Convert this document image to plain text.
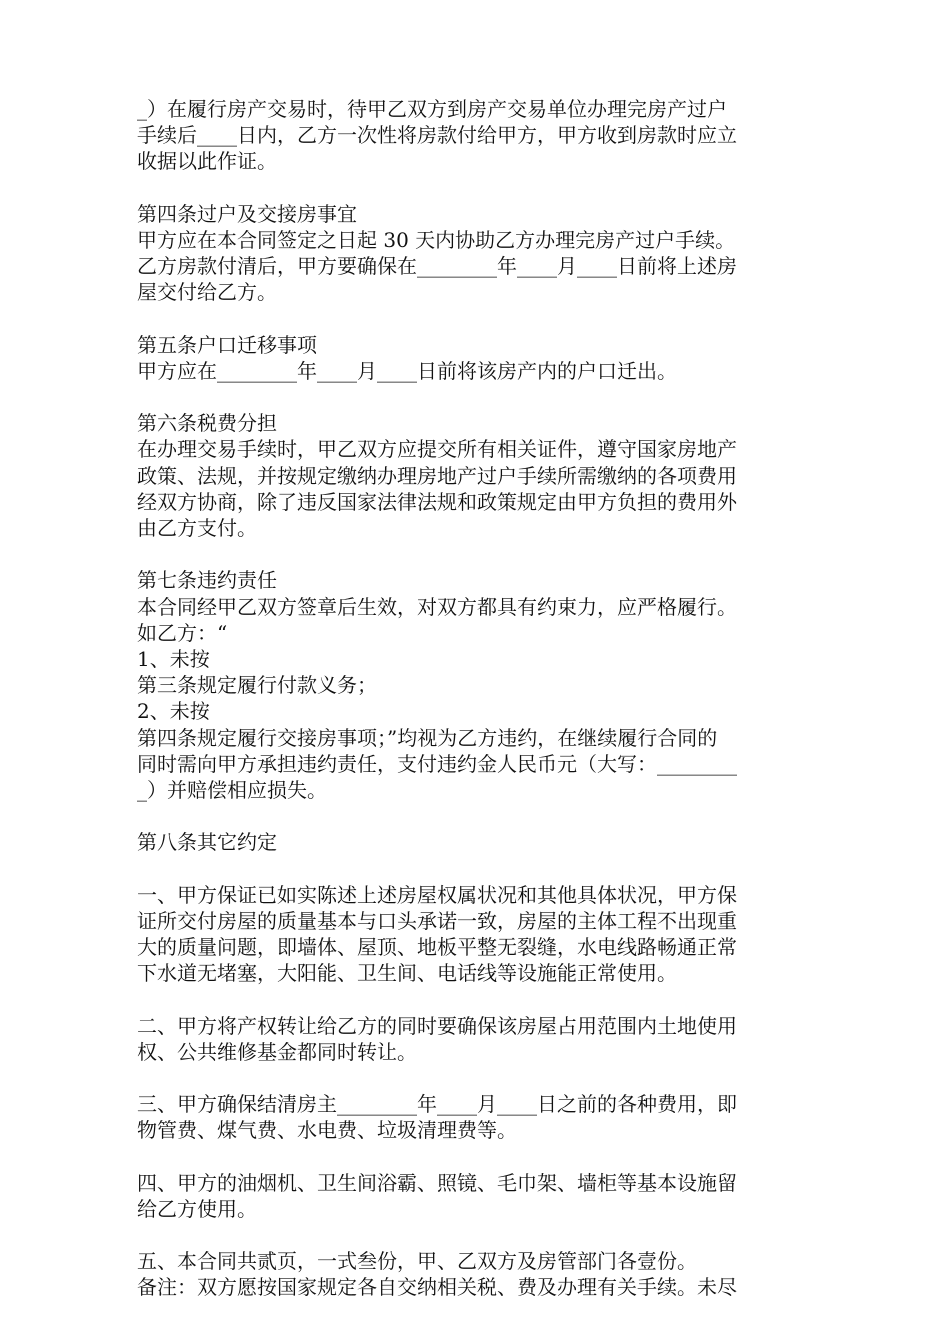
_）在履行房产交易时，待甲乙双方到房产交易单位办理完房产过户
手续后____日内，乙方一次性将房款付给甲方，甲方收到房款时应立
收据以此作证。
第四条过户及交接房事宜
甲方应在本合同签定之日起 30 天内协助乙方办理完房产过户手续。
乙方房款付清后，甲方要确保在________年____月____日前将上述房
屋交付给乙方。
第五条户口迁移事项
甲方应在________年____月____日前将该房产内的户口迁出。
第六条税费分担
在办理交易手续时，甲乙双方应提交所有相关证件，遵守国家房地产
政策、法规，并按规定缴纳办理房地产过户手续所需缴纳的各项费用
经双方协商，除了违反国家法律法规和政策规定由甲方负担的费用外
由乙方支付。
第七条违约责任
本合同经甲乙双方签章后生效，对双方都具有约束力，应严格履行。
如乙方：“
1、未按
第三条规定履行付款义务；
2、未按
第四条规定履行交接房事项；”均视为乙方违约，在继续履行合同的
同时需向甲方承担违约责任，支付违约金人民币元（大写：________
_）并赔偿相应损失。
第八条其它约定
一、甲方保证已如实陈述上述房屋权属状况和其他具体状况，甲方保
证所交付房屋的质量基本与口头承诺一致，房屋的主体工程不出现重
大的质量问题，即墙体、屋顶、地板平整无裂缝，水电线路畅通正常
下水道无堵塞，大阳能、卫生间、电话线等设施能正常使用。
二、甲方将产权转让给乙方的同时要确保该房屋占用范围内土地使用
权、公共维修基金都同时转让。
三、甲方确保结清房主________年____月____日之前的各种费用，即
物管费、煤气费、水电费、垃圾清理费等。
四、甲方的油烟机、卫生间浴霸、照镜、毛巾架、墙柜等基本设施留
给乙方使用。
五、本合同共贰页，一式叁份，甲、乙双方及房管部门各壹份。
备注：双方愿按国家规定各自交纳相关税、费及办理有关手续。未尽
